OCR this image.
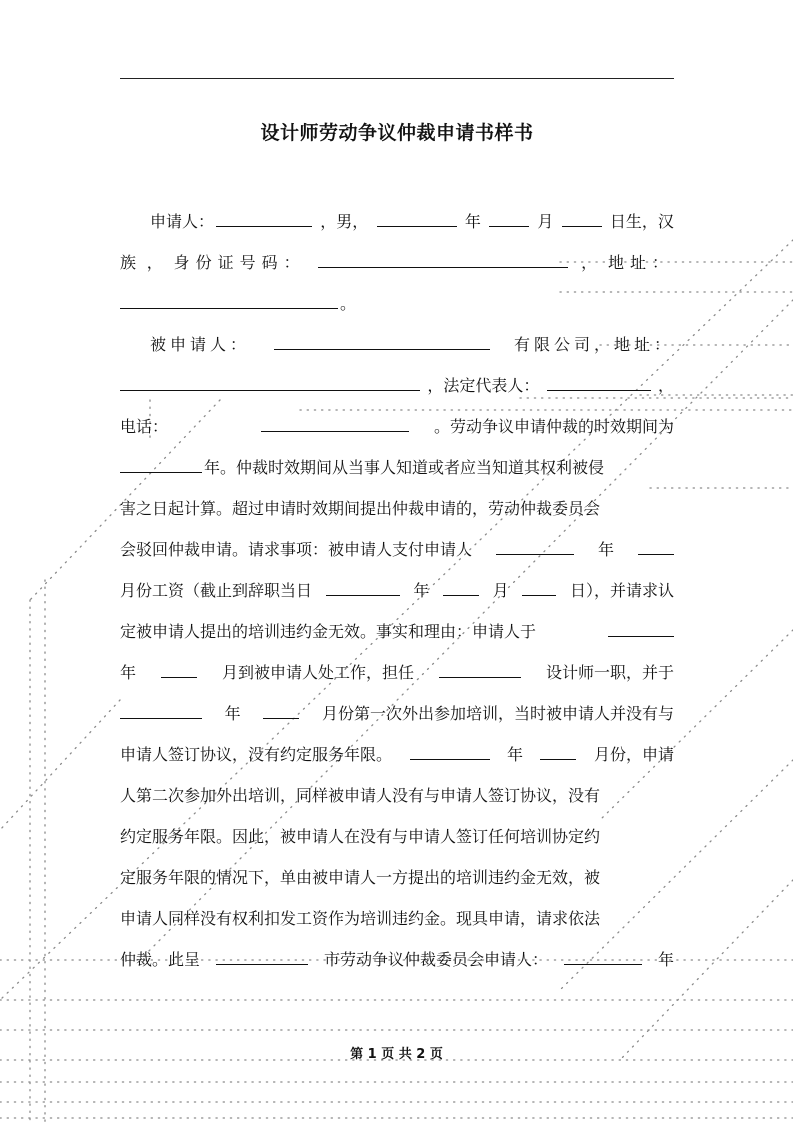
设计师劳动争议仲裁申请书样书
申请人：	，男，	年	月	日生，汉
族 ， 身份证号码：	， 地址：
。
被申请人：	有限公司，地址：
，法定代表人：	，
电话：	。劳动争议申请仲裁的时效期间为
年。仲裁时效期间从当事人知道或者应当知道其权利被侵
害之日起计算。超过申请时效期间提出仲裁申请的，劳动仲裁委员会
会驳回仲裁申请。请求事项：被申请人支付申请人	年
月份工资（截止到辞职当日	年	月	日），并请求认
定被申请人提出的培训违约金无效。事实和理由：申请人于
年	月到被申请人处工作，担任	设计师一职，并于
年	月份第一次外出参加培训，当时被申请人并没有与
申请人签订协议，没有约定服务年限。	年	月份，申请
人第二次参加外出培训，同样被申请人没有与申请人签订协议，没有
约定服务年限。因此，被申请人在没有与申请人签订任何培训协定约
定服务年限的情况下，单由被申请人一方提出的培训违约金无效，被
申请人同样没有权利扣发工资作为培训违约金。现具申请，请求依法
仲裁。此呈	市劳动争议仲裁委员会申请人：	年
第 1 页 共 2 页
